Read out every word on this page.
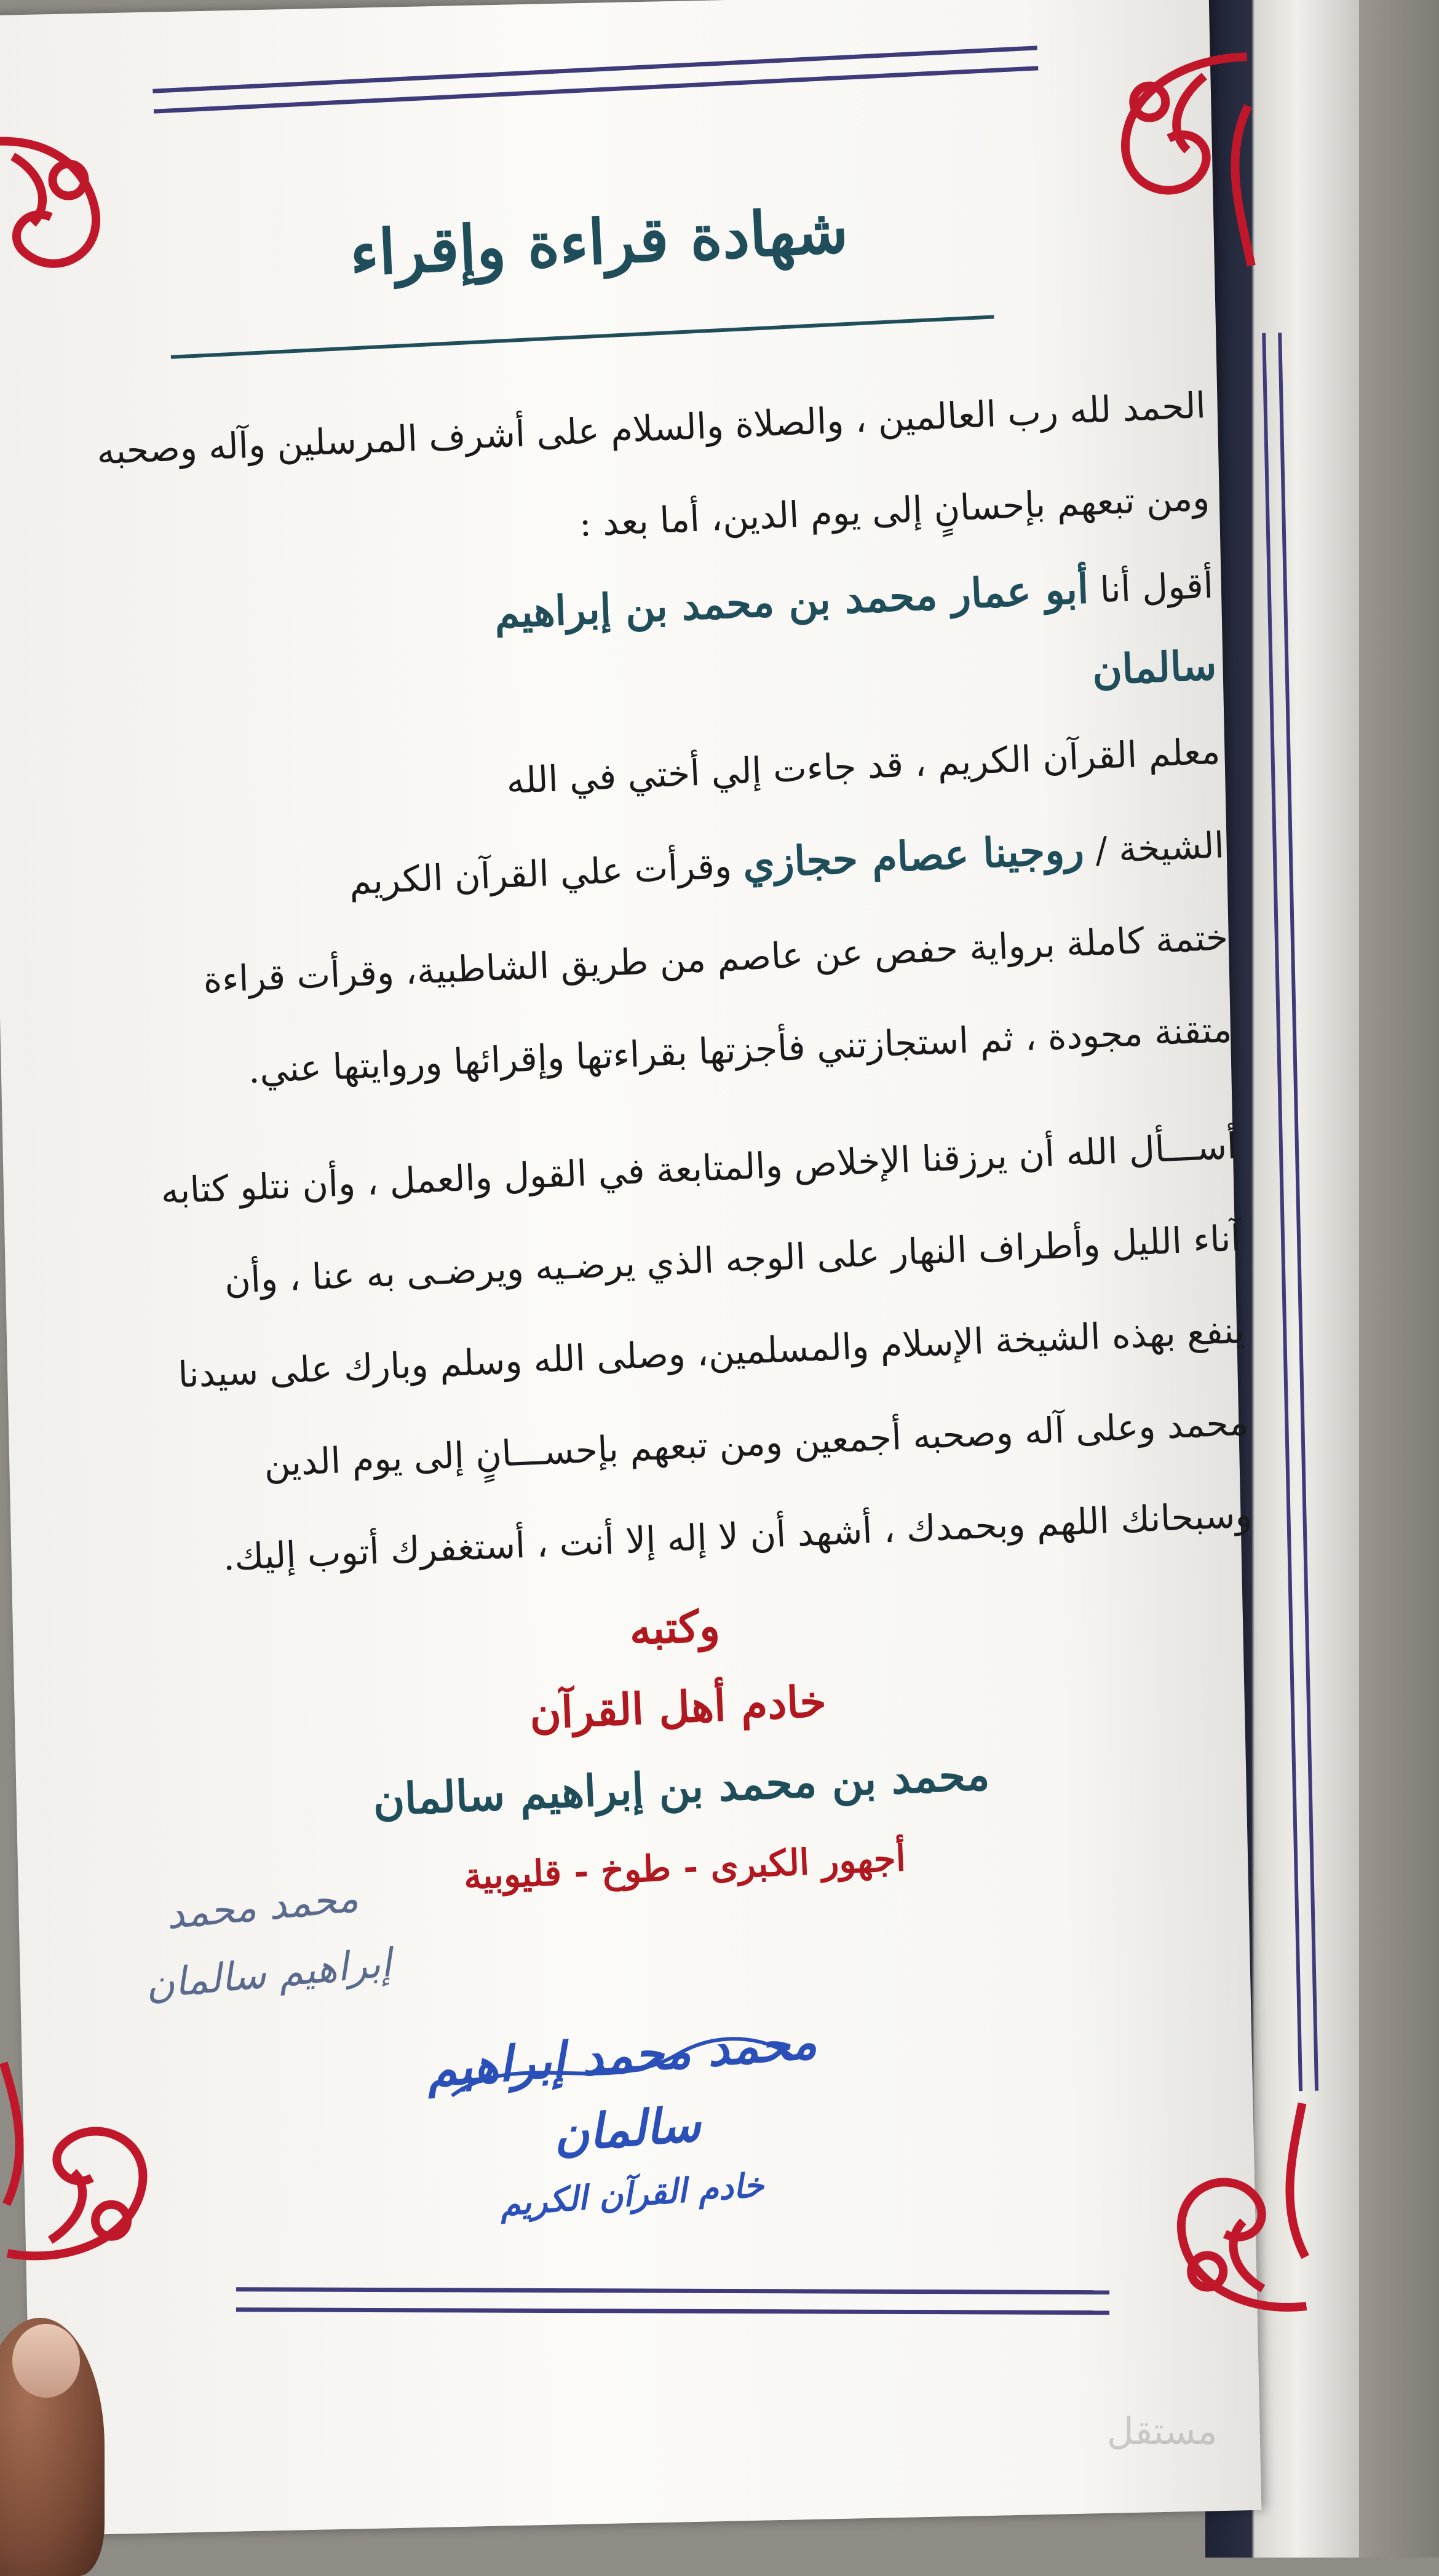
شهادة قراءة وإقراء
الحمد لله رب العالمين ، والصلاة والسلام على أشرف المرسلين وآله وصحبه
ومن تبعهم بإحسانٍ إلى يوم الدين، أما بعد :
أقول أنا أبو عمار محمد بن محمد بن إبراهيم
سالمان
معلم القرآن الكريم ، قد جاءت إلي أختي في الله
الشيخة / روجينا عصام حجازي وقرأت علي القرآن الكريم
ختمة كاملة برواية حفص عن عاصم من طريق الشاطبية، وقرأت قراءة
متقنة مجودة ، ثم استجازتني فأجزتها بقراءتها وإقرائها وروايتها عني.
أســـأل الله أن يرزقنا الإخلاص والمتابعة في القول والعمل ، وأن نتلو كتابه
آناء الليل وأطراف النهار على الوجه الذي يرضـيه ويرضـى به عنا ، وأن
ينفع بهذه الشيخة الإسلام والمسلمين، وصلى الله وسلم وبارك على سيدنا
محمد وعلى آله وصحبه أجمعين ومن تبعهم بإحســـانٍ إلى يوم الدين
وسبحانك اللهم وبحمدك ، أشهد أن لا إله إلا أنت ، أستغفرك أتوب إليك.
وكتبه
خادم أهل القرآن
محمد بن محمد بن إبراهيم سالمان
أجهور الكبرى - طوخ - قليوبية
محمد محمد
إبراهيم سالمان
محمد محمد إبراهيم سالمان
خادم القرآن الكريم
مستقل
